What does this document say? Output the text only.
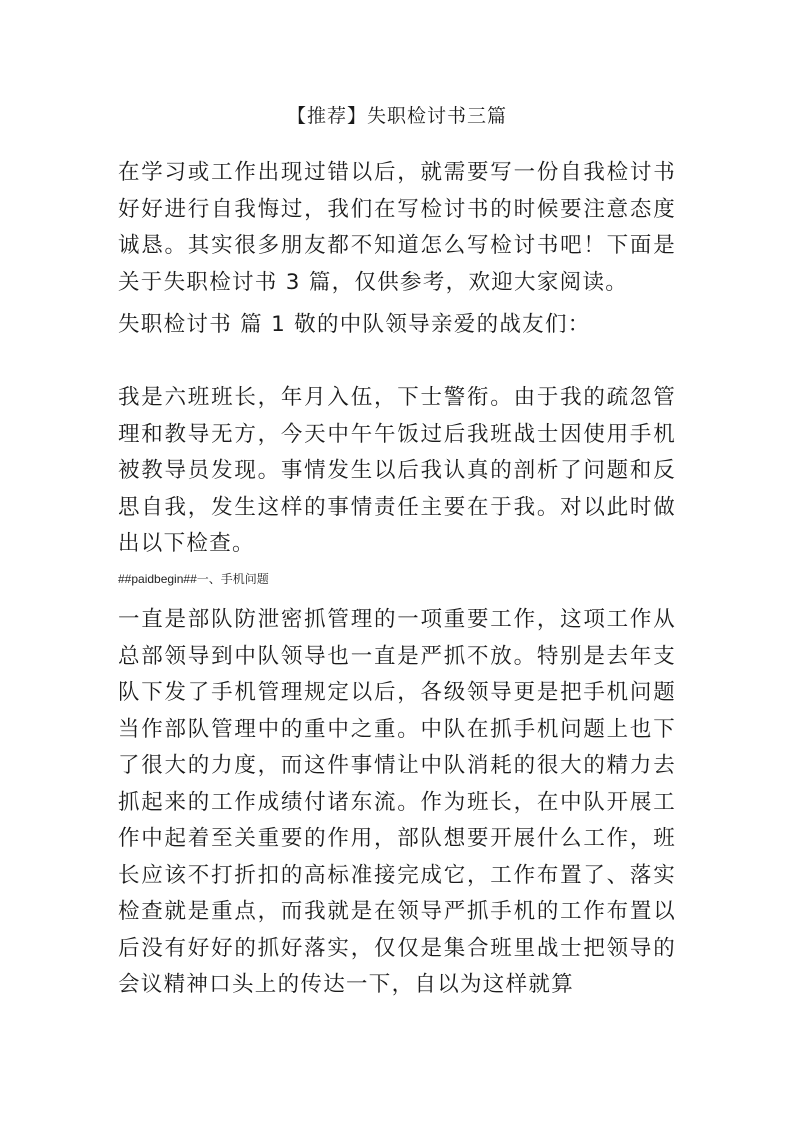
【推荐】失职检讨书三篇
在学习或工作出现过错以后，就需要写一份自我检讨书好好进行自我悔过，我们在写检讨书的时候要注意态度诚恳。其实很多朋友都不知道怎么写检讨书吧！下面是关于失职检讨书 3 篇，仅供参考，欢迎大家阅读。
失职检讨书 篇 1 敬的中队领导亲爱的战友们：
我是六班班长，年月入伍，下士警衔。由于我的疏忽管理和教导无方，今天中午午饭过后我班战士因使用手机被教导员发现。事情发生以后我认真的剖析了问题和反思自我，发生这样的事情责任主要在于我。对以此时做出以下检查。
##paidbegin##一、手机问题
一直是部队防泄密抓管理的一项重要工作，这项工作从总部领导到中队领导也一直是严抓不放。特别是去年支队下发了手机管理规定以后，各级领导更是把手机问题当作部队管理中的重中之重。中队在抓手机问题上也下了很大的力度，而这件事情让中队消耗的很大的精力去抓起来的工作成绩付诸东流。作为班长，在中队开展工作中起着至关重要的作用，部队想要开展什么工作，班长应该不打折扣的高标准接完成它，工作布置了、落实检查就是重点，而我就是在领导严抓手机的工作布置以后没有好好的抓好落实，仅仅是集合班里战士把领导的会议精神口头上的传达一下，自以为这样就算
